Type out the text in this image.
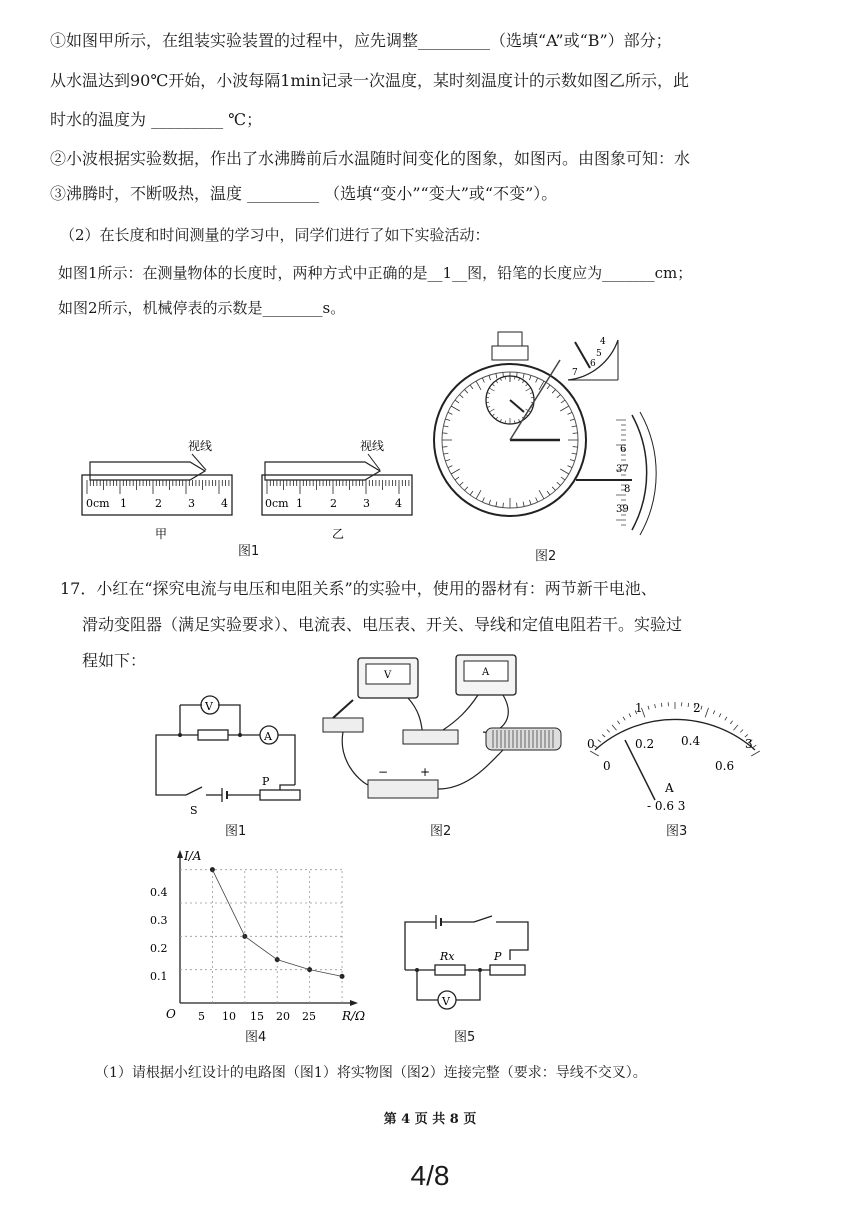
①如图甲所示，在组装实验装置的过程中，应先调整_________（选填“A”或“B”）部分；
从水温达到90℃开始，小波每隔1min记录一次温度，某时刻温度计的示数如图乙所示，此
时水的温度为 _________ ℃；
②小波根据实验数据，作出了水沸腾前后水温随时间变化的图象，如图丙。由图象可知：水
③沸腾时，不断吸热，温度 _________ （选填“变小”“变大”或“不变”）。
（2）在长度和时间测量的学习中，同学们进行了如下实验活动：
如图1所示：在测量物体的长度时，两种方式中正确的是__1__图，铅笔的长度应为_______cm；
如图2所示，机械停表的示数是________s。
视线
0cm 1	2 3 4
甲
视线
0cm 1 2 3 4
乙
图1
4
5
6
7
6
37
8
39
图2
17．小红在“探究电流与电压和电阻关系”的实验中，使用的器材有：两节新干电池、
滑动变阻器（满足实验要求）、电流表、电压表、开关、导线和定值电阻若干。实验过
程如下：
V
A
P
S
图1
V	A
−	+
图2
0
1	2
3
0
0.2 0.4
0.6
A
- 0.6 3
图3
I/A
R/Ω
O
0.1
0.2
0.3
0.4
5 10 15 20 25
图4
V
Rx	P
图5
（1）请根据小红设计的电路图（图1）将实物图（图2）连接完整（要求：导线不交叉）。
第 4 页 共 8 页
4/8
